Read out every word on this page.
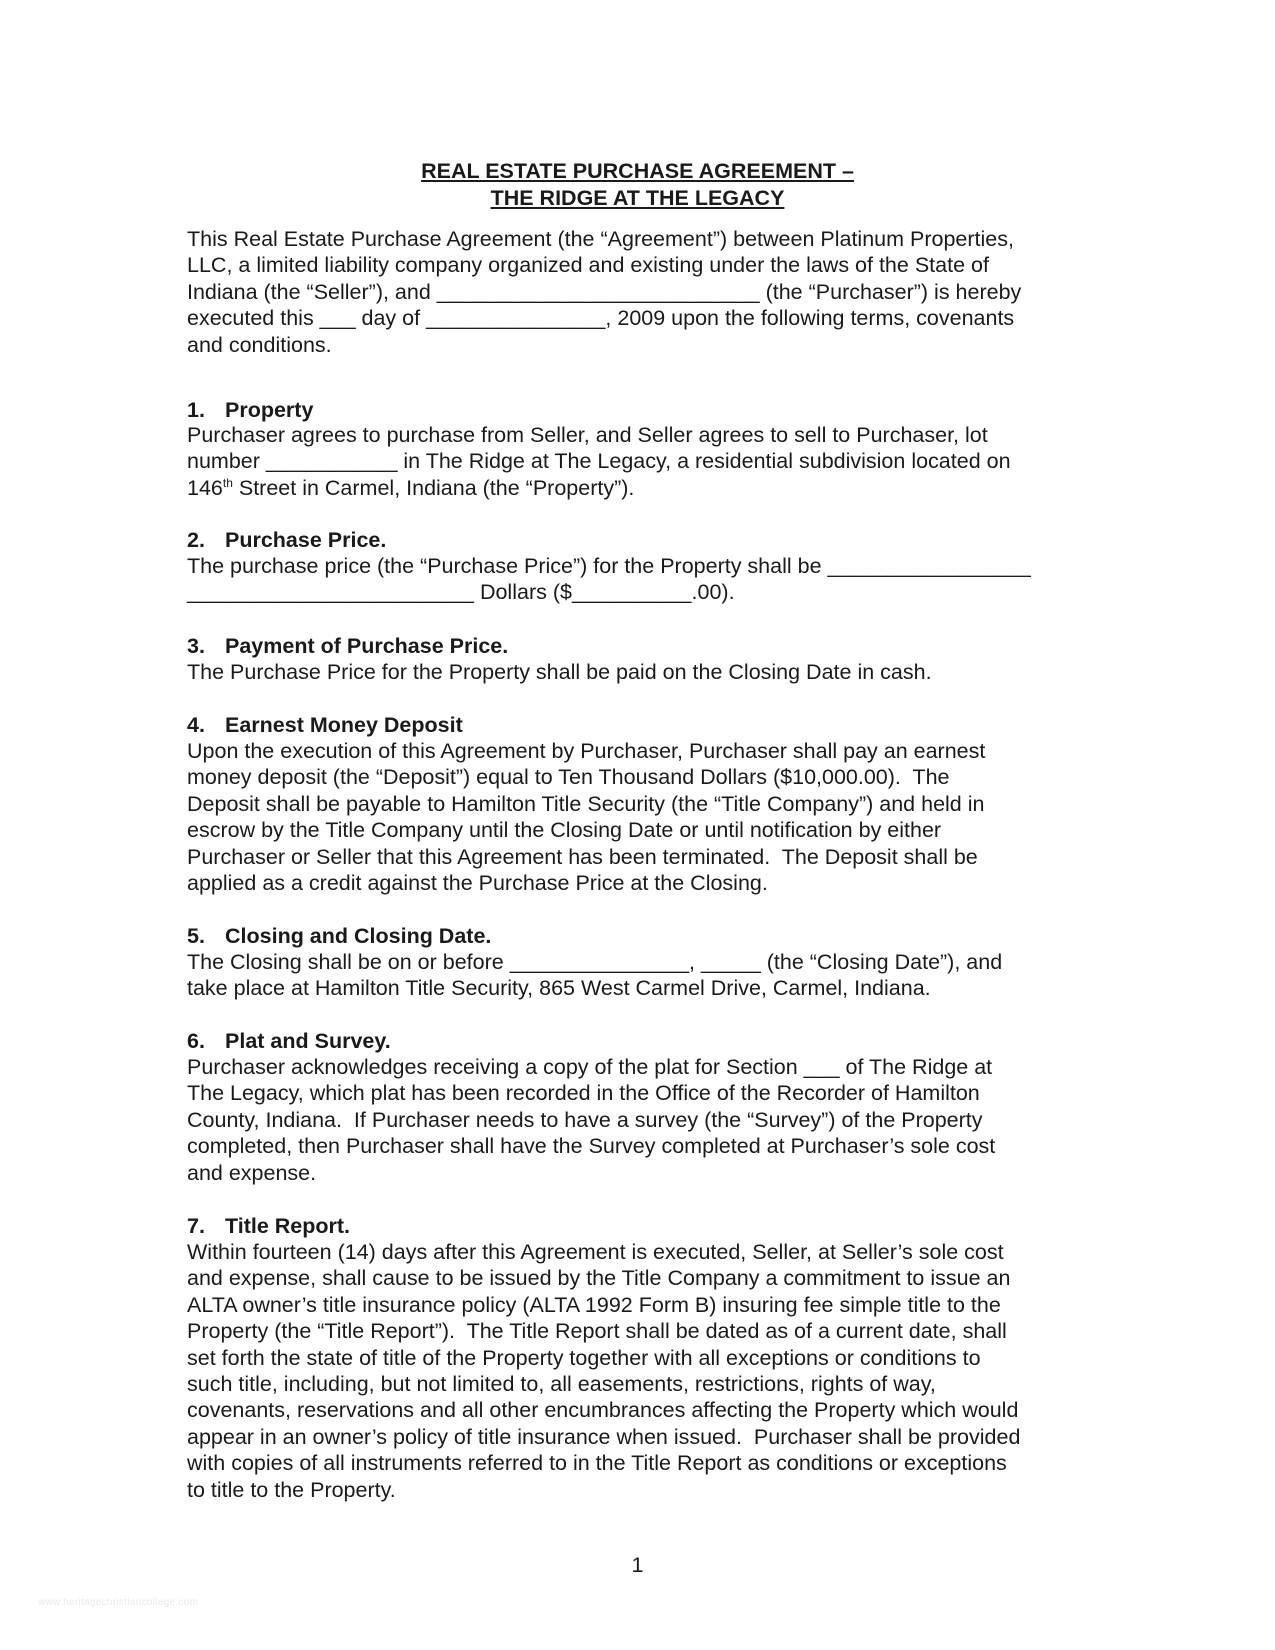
REAL ESTATE PURCHASE AGREEMENT –
THE RIDGE AT THE LEGACY
This Real Estate Purchase Agreement (the “Agreement”) between Platinum Properties,
LLC, a limited liability company organized and existing under the laws of the State of
Indiana (the “Seller”), and ___________________________ (the “Purchaser”) is hereby
executed this ___ day of _______________, 2009 upon the following terms, covenants
and conditions.
1. Property
Purchaser agrees to purchase from Seller, and Seller agrees to sell to Purchaser, lot
number ___________ in The Ridge at The Legacy, a residential subdivision located on
146th Street in Carmel, Indiana (the “Property”).
2. Purchase Price.
The purchase price (the “Purchase Price”) for the Property shall be _________________
________________________ Dollars ($__________.00).
3. Payment of Purchase Price.
The Purchase Price for the Property shall be paid on the Closing Date in cash.
4. Earnest Money Deposit
Upon the execution of this Agreement by Purchaser, Purchaser shall pay an earnest
money deposit (the “Deposit”) equal to Ten Thousand Dollars ($10,000.00).  The
Deposit shall be payable to Hamilton Title Security (the “Title Company”) and held in
escrow by the Title Company until the Closing Date or until notification by either
Purchaser or Seller that this Agreement has been terminated.  The Deposit shall be
applied as a credit against the Purchase Price at the Closing.
5. Closing and Closing Date.
The Closing shall be on or before _______________, _____ (the “Closing Date”), and
take place at Hamilton Title Security, 865 West Carmel Drive, Carmel, Indiana.
6. Plat and Survey.
Purchaser acknowledges receiving a copy of the plat for Section ___ of The Ridge at
The Legacy, which plat has been recorded in the Office of the Recorder of Hamilton
County, Indiana.  If Purchaser needs to have a survey (the “Survey”) of the Property
completed, then Purchaser shall have the Survey completed at Purchaser’s sole cost
and expense.
7. Title Report.
Within fourteen (14) days after this Agreement is executed, Seller, at Seller’s sole cost
and expense, shall cause to be issued by the Title Company a commitment to issue an
ALTA owner’s title insurance policy (ALTA 1992 Form B) insuring fee simple title to the
Property (the “Title Report”).  The Title Report shall be dated as of a current date, shall
set forth the state of title of the Property together with all exceptions or conditions to
such title, including, but not limited to, all easements, restrictions, rights of way,
covenants, reservations and all other encumbrances affecting the Property which would
appear in an owner’s policy of title insurance when issued.  Purchaser shall be provided
with copies of all instruments referred to in the Title Report as conditions or exceptions
to title to the Property.
1
www.heritagechristiancollege.com
